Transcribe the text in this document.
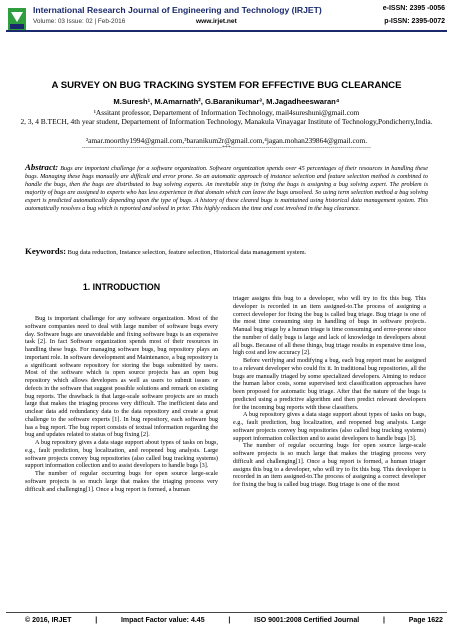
International Research Journal of Engineering and Technology (IRJET)	e-ISSN: 2395 -0056
Volume: 03 Issue: 02 | Feb-2016	www.irjet.net	p-ISSN: 2395-0072
A SURVEY ON BUG TRACKING SYSTEM FOR EFFECTIVE BUG CLEARANCE
M.Suresh¹, M.Amarnath², G.Baranikumar³, M.Jagadheeswaran⁴
¹Assitant professor, Departement of Information Technology, mail4sureshuni@gmail.com
2, 3, 4 B.TECH, 4th year student, Departement of Information Technology, Manakula Vinayagar Institute of Technology,Pondicherry,India.
²amar.moorthy1994@gmail.com,³baranikum2r@gmail.com,⁴jagan.mohan239864@gmail.com.
---------------------------------------------------------------------***---------------------------------------------------------------------
Abstract: Bugs are important challenge for a software organization. Software organization spends over 45 percentages of their resources in handling these bugs. Managing these bugs manually are difficult and error prone. So an automatic approach of instance selection and feature selection method is combined to handle the bugs, then the bugs are distributed to bug solving experts. An inevitable step in fixing the bugs is assigning a bug solving expert. The problem is majority of bugs are assigned to experts who has less experience in that domain which can leave the bugs unsolved. So using term selection method a bug solving expert is predicted automatically depending upon the type of bugs. A history of these cleared bugs is maintained using historical data management system. This automatically resolves a bug which is reported and solved in prior. This highly reduces the time and cost involved in the bug clearance.
Keywords: Bug data reduction, Instance selection, feature selection, Historical data management system.
1. INTRODUCTION

Bug is important challenge for any software organization. Most of the software companies need to deal with large number of software bugs every day. Software bugs are unavoidable and fixing software bugs is an expensive task [2]. In fact Software organization spends most of their resources in handling these bugs. For managing software bugs, bug repository plays an important role. In software development and Maintenance, a bug repository is a significant software repository for storing the bugs submitted by users. Most of the software which is open source projects has an open bug repository which allows developers as well as users to submit issues or defects in the software that suggest possible solutions and remark on existing bug reports. The drawback is that large-scale software projects are so much large that makes the triaging process very difficult. The inefficient data and unclear data add redundancy data to the data repository and create a great challenge to the software experts [1]. In bug repository, each software bug has a bug report. The bug report consists of textual information regarding the bug and updates related to status of bug fixing [2].

A bug repository gives a data stage support about types of tasks on bugs, e.g., fault prediction, bug localization, and reopened bug analysis. Large software projects convey bug repositories (also called bug tracking systems) support information collection and to assist developers to handle bugs [3].

The number of regular occurring bugs for open source large-scale software projects is so much large that makes the triaging process very difficult and challenging[1]. Once a bug report is formed, a human

triager assigns this bug to a developer, who will try to fix this bug. This developer is recorded in an item assigned-to.The process of assigning a correct developer for fixing the bug is called bug triage. Bug triage is one of the most time consuming step in handling of bugs in software projects. Manual bug triage by a human triage is time consuming and error-prone since the number of daily bugs is large and lack of knowledge in developers about all bugs. Because of all these things, bug triage results in expensive time loss, high cost and low accuracy [2].

Before verifying and modifying a bug, each bug report must be assigned to a relevant developer who could fix it. In traditional bug repositories, all the bugs are manually triaged by some specialized developers. Aiming to reduce the human labor costs, some supervised text classification approaches have been proposed for automatic bug triage. After that the nature of the bugs is predicted using a predictive algorithm and then predict relevant developers for the incoming bug reports with these classifiers.

A bug repository gives a data stage support about types of tasks on bugs, e.g., fault prediction, bug localization, and reopened bug analysis. Large software projects convey bug repositories (also called bug tracking systems) support information collection and to assist developers to handle bugs [3].

The number of regular occurring bugs for open source large-scale software projects is so much large that makes the triaging process very difficult and challenging[1]. Once a bug report is formed, a human triager assigns this bug to a developer, who will try to fix this bug. This developer is recorded in an item assigned-to.The process of assigning a correct developer for fixing the bug is called bug triage. Bug triage is one of the most

© 2016, IRJET	|	Impact Factor value: 4.45	|	ISO 9001:2008 Certified Journal	|	Page 1622
